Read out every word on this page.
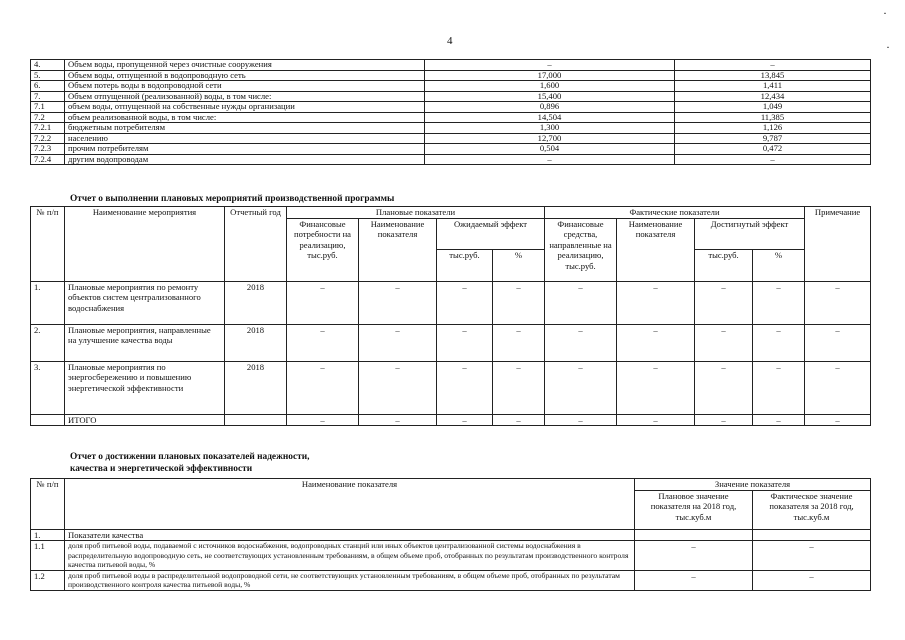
4
·
·
4.	Объем воды, пропущенной через очистные сооружения	–	–
5.	Объем воды, отпущенной в водопроводную сеть	17,000	13,845
6.	Объем потерь воды в водопроводной сети	1,600	1,411
7.	Объем отпущенной (реализованной) воды, в том числе:	15,400	12,434
7.1	объем воды, отпущенной на собственные нужды организации	0,896	1,049
7.2	объем реализованной воды, в том числе:	14,504	11,385
7.2.1	бюджетным потребителям	1,300	1,126
7.2.2	населению	12,700	9,787
7.2.3	прочим потребителям	0,504	0,472
7.2.4	другим водопроводам	–	–
Отчет о выполнении плановых мероприятий производственной программы
№ п/п	Наименование мероприятия	Отчетный год	Плановые показатели				Фактические показатели				Примечание
			Финансовые потребности на реализацию, тыс.руб.	Наименование показателя	Ожидаемый эффект		Финансовые средства, направленные на реализацию, тыс.руб.	Наименование показателя	Достигнутый эффект		
					тыс.руб.	%			тыс.руб.	%	
1.	Плановые мероприятия по ремонту объектов систем централизованного водоснабжения	2018	–	–	–	–	–	–	–	–	–
2.	Плановые мероприятия, направленные на улучшение качества воды	2018	–	–	–	–	–	–	–	–	–
3.	Плановые мероприятия по энергосбережению и повышению энергетической эффективности	2018	–	–	–	–	–	–	–	–	–
	ИТОГО		–	–	–	–	–	–	–	–	–
Отчет о достижении плановых показателей надежности,
качества и энергетической эффективности
№ п/п	Наименование показателя	Значение показателя	
		Плановое значение показателя на 2018 год, тыс.куб.м	Фактическое значение показателя за 2018 год, тыс.куб.м
1.	Показатели качества		
1.1	доля проб питьевой воды, подаваемой с источников водоснабжения, водопроводных станций или иных объектов централизованной системы водоснабжения в распределительную водопроводную сеть, не соответствующих установленным требованиям, в общем объеме проб, отобранных по результатам производственного контроля качества питьевой воды, %	–	–
1.2	доля проб питьевой воды в распределительной водопроводной сети, не соответствующих установленным требованиям, в общем объеме проб, отобранных по результатам производственного контроля качества питьевой воды, %	–	–
